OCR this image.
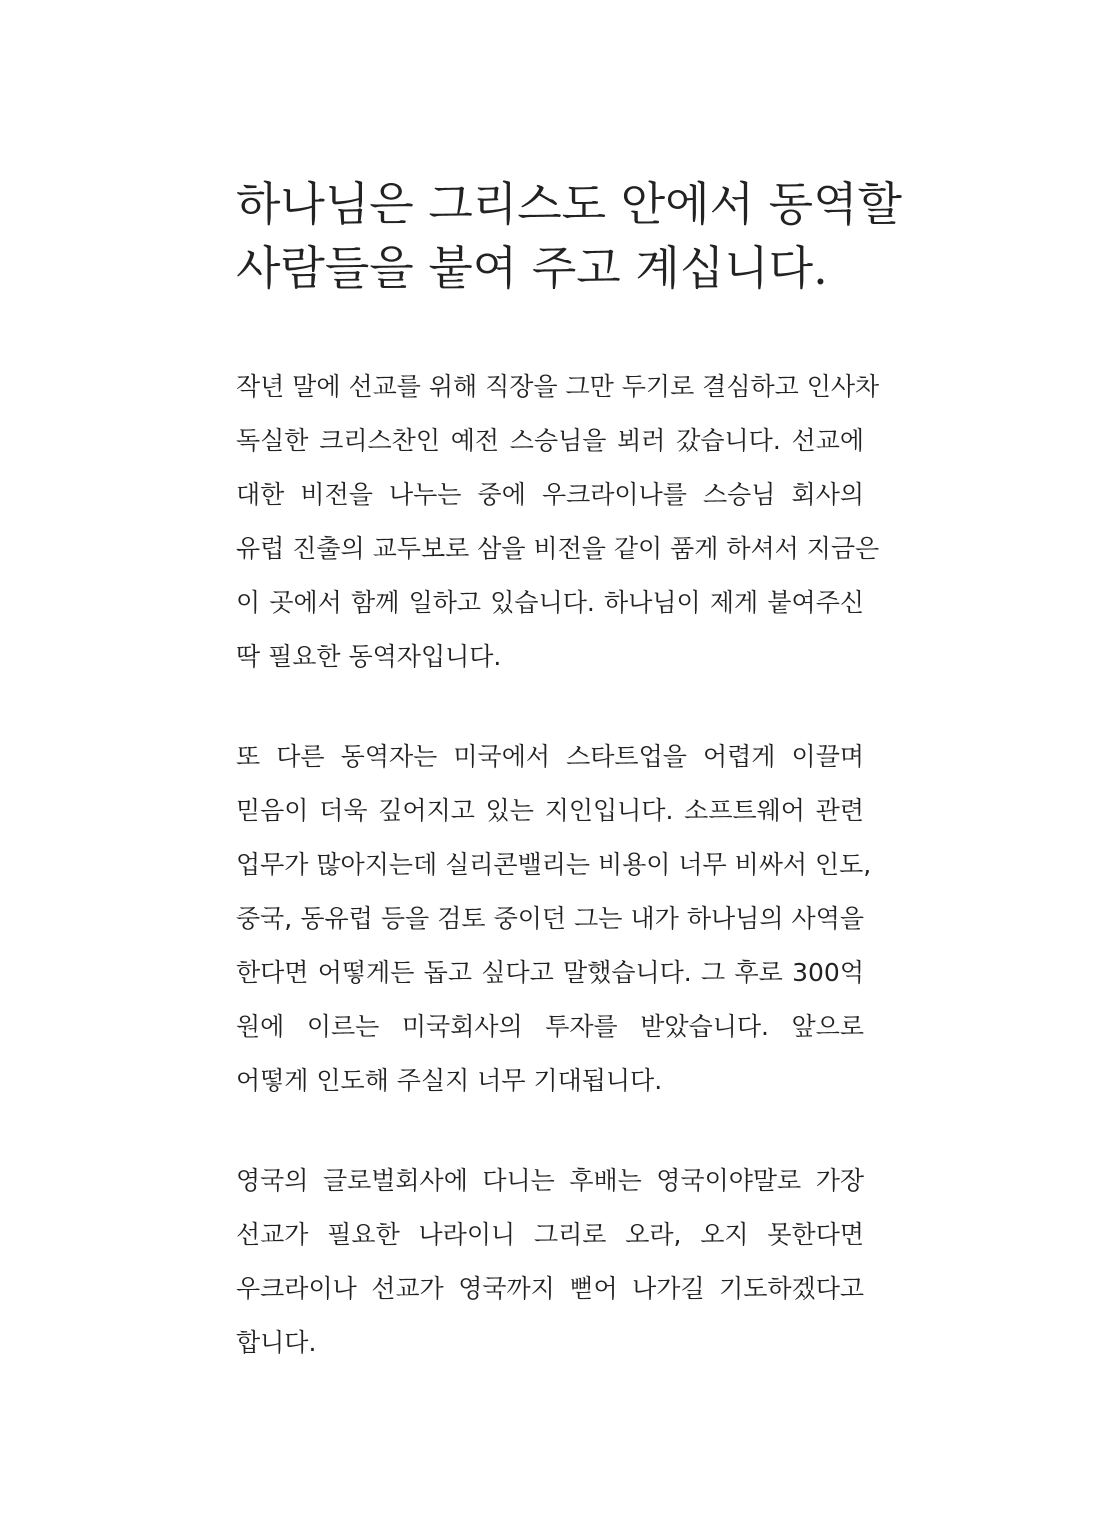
하나님은 그리스도 안에서 동역할
사람들을 붙여 주고 계십니다.

작년 말에 선교를 위해 직장을 그만 두기로 결심하고 인사차
독실한 크리스찬인 예전 스승님을 뵈러 갔습니다. 선교에
대한 비전을 나누는 중에 우크라이나를 스승님 회사의
유럽 진출의 교두보로 삼을 비전을 같이 품게 하셔서 지금은
이 곳에서 함께 일하고 있습니다. 하나님이 제게 붙여주신
딱 필요한 동역자입니다.

또 다른 동역자는 미국에서 스타트업을 어렵게 이끌며
믿음이 더욱 깊어지고 있는 지인입니다. 소프트웨어 관련
업무가 많아지는데 실리콘밸리는 비용이 너무 비싸서 인도,
중국, 동유럽 등을 검토 중이던 그는 내가 하나님의 사역을
한다면 어떻게든 돕고 싶다고 말했습니다. 그 후로 300억
원에 이르는 미국회사의 투자를 받았습니다. 앞으로
어떻게 인도해 주실지 너무 기대됩니다.

영국의 글로벌회사에 다니는 후배는 영국이야말로 가장
선교가 필요한 나라이니 그리로 오라, 오지 못한다면
우크라이나 선교가 영국까지 뻗어 나가길 기도하겠다고
합니다.
